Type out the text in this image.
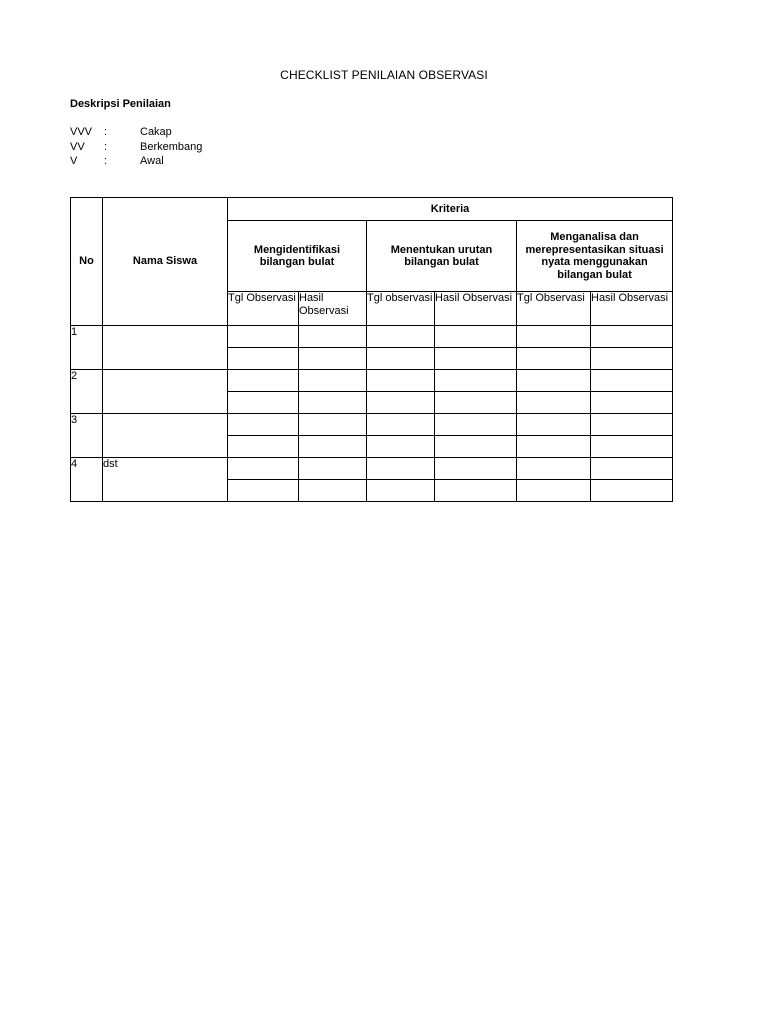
CHECKLIST PENILAIAN OBSERVASI
Deskripsi Penilaian
VVV :	Cakap
VV :	Berkembang
V :	Awal
No	Nama Siswa	Kriteria					
		Mengidentifikasi bilangan bulat		Menentukan urutan bilangan bulat		Menganalisa dan merepresentasikan situasi nyata menggunakan bilangan bulat	
		Tgl Observasi	Hasil Observasi	Tgl observasi	Hasil Observasi	Tgl Observasi	Hasil Observasi
1							

2							

3							

4	dst						
